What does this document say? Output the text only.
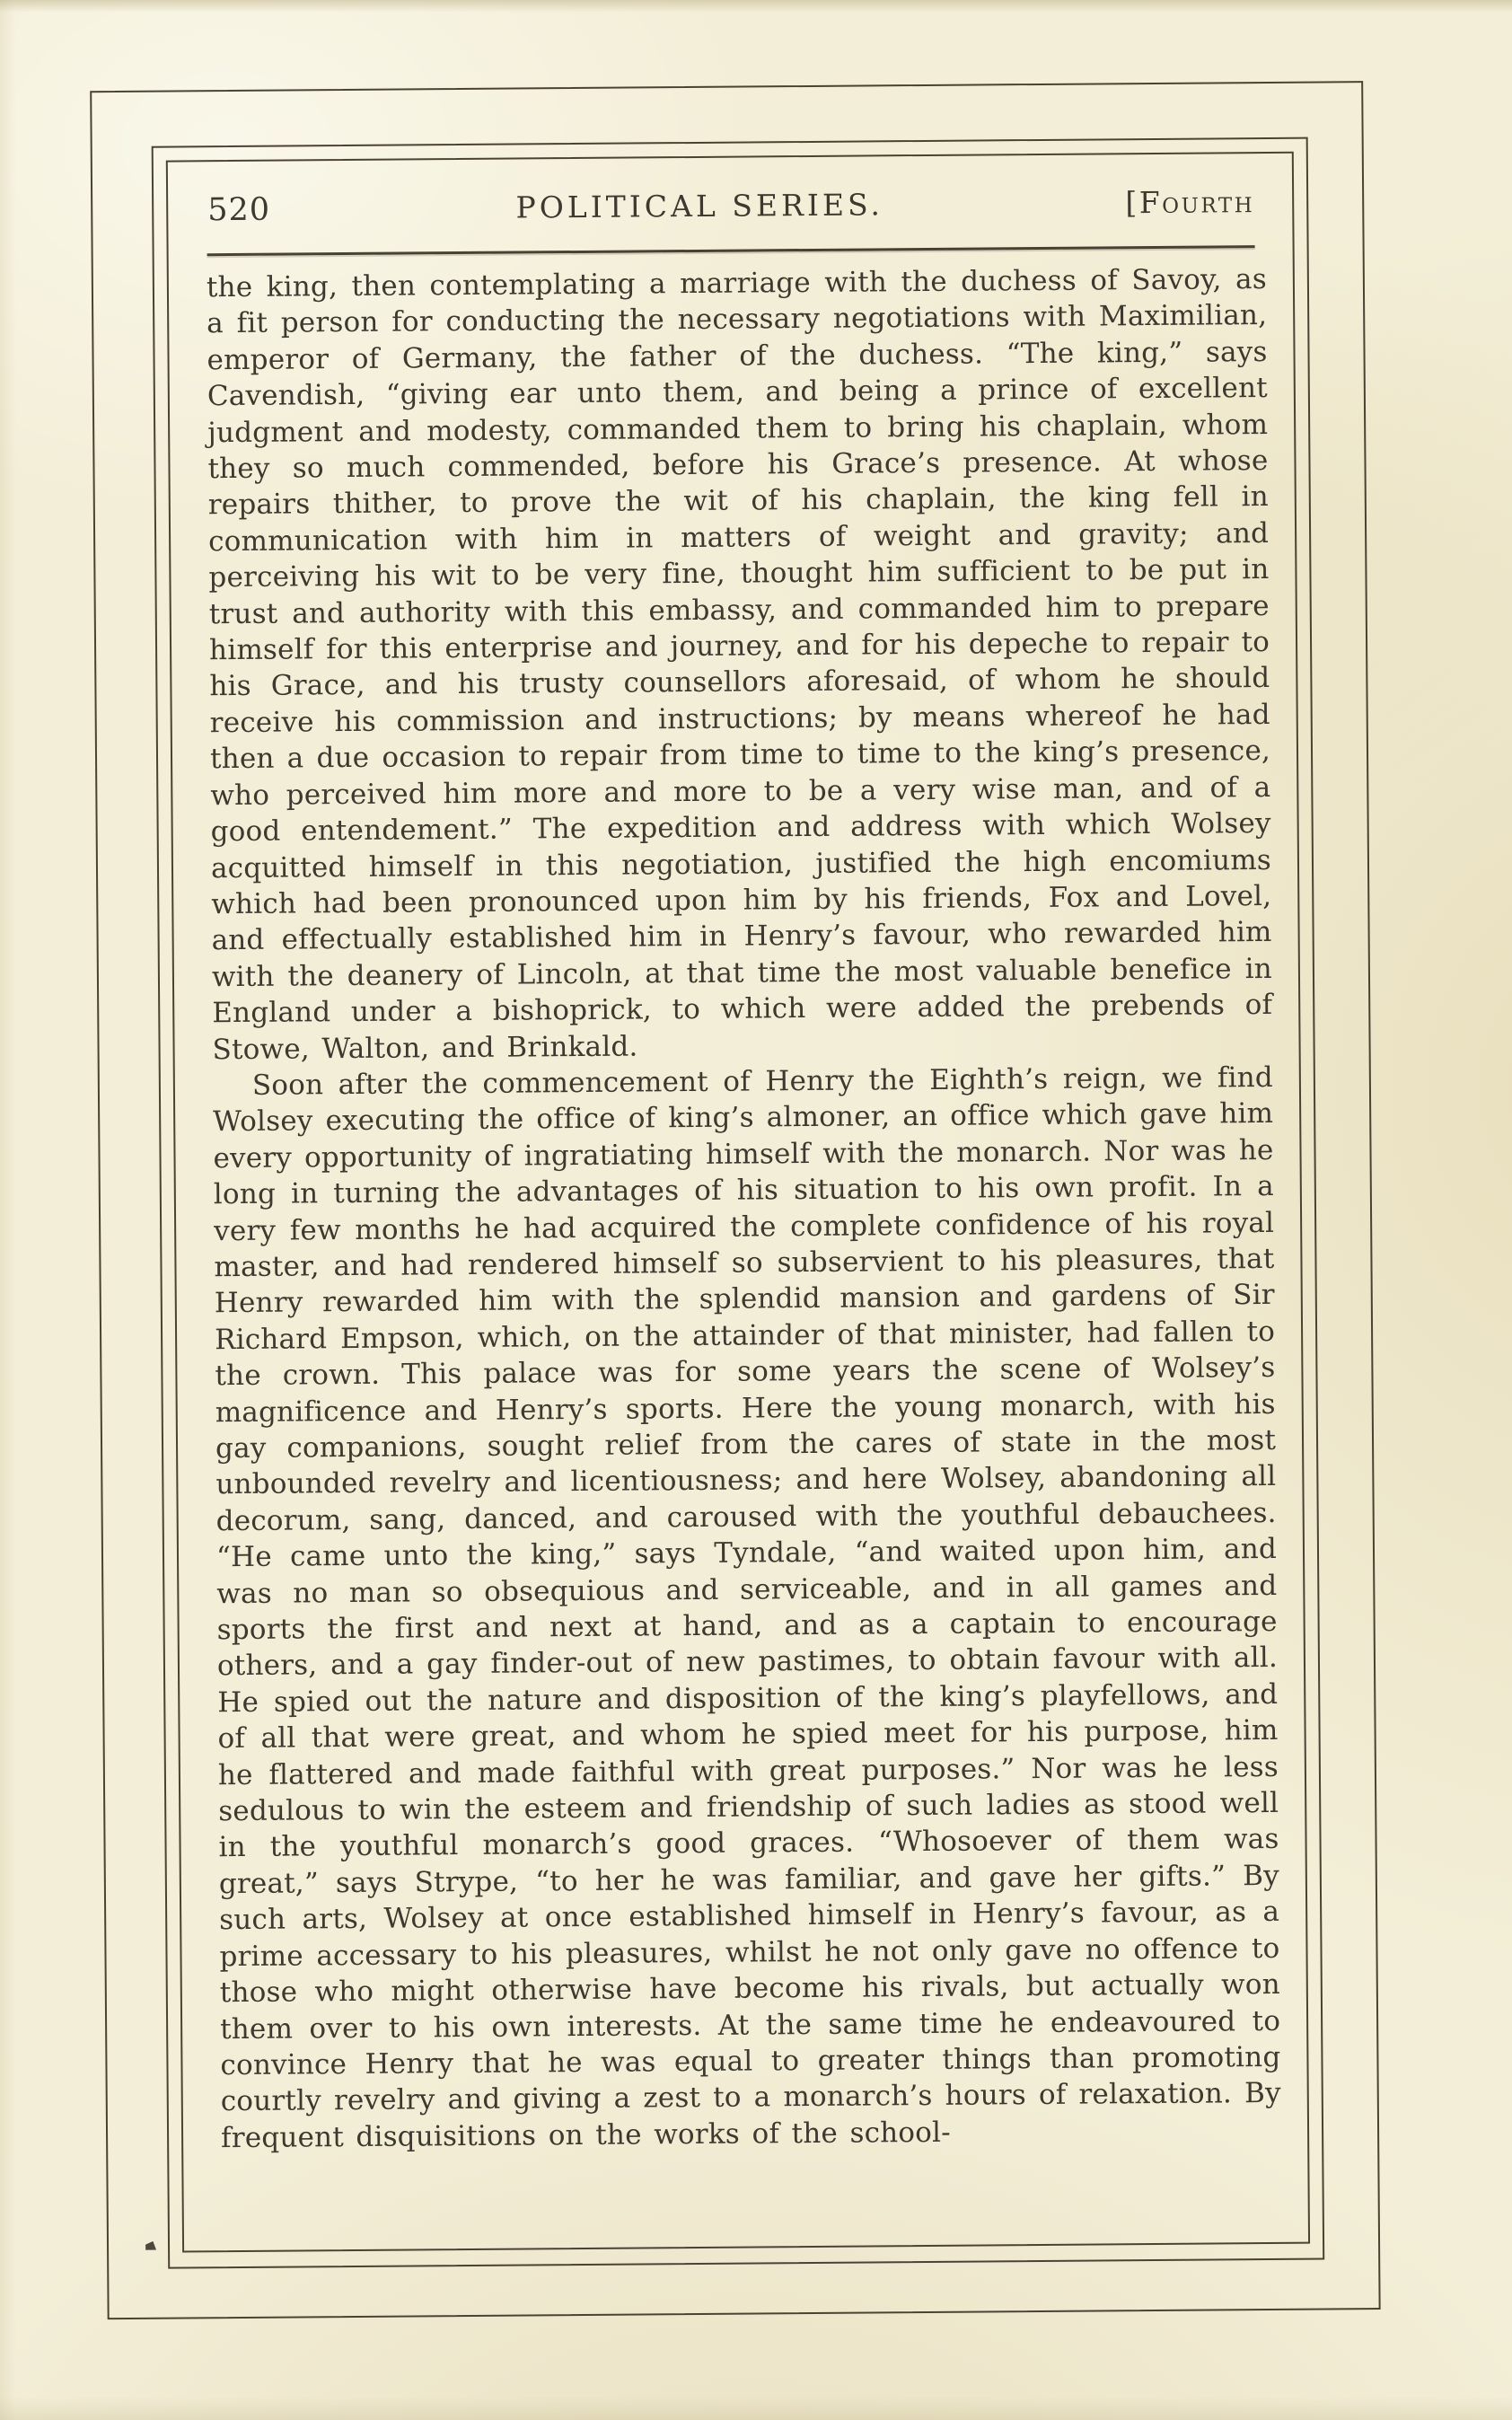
520	POLITICAL SERIES.	[Fourth

the king, then contemplating a marriage with the duchess of Savoy, as a fit person for conducting the necessary negotiations with Maximilian, emperor of Germany, the father of the duchess. “The king,” says Cavendish, “giving ear unto them, and being a prince of excellent judgment and modesty, commanded them to bring his chaplain, whom they so much commended, before his Grace’s presence. At whose repairs thither, to prove the wit of his chaplain, the king fell in communication with him in matters of weight and gravity; and perceiving his wit to be very fine, thought him sufficient to be put in trust and authority with this embassy, and commanded him to prepare himself for this enterprise and journey, and for his depeche to repair to his Grace, and his trusty counsellors aforesaid, of whom he should receive his commission and instructions; by means whereof he had then a due occasion to repair from time to time to the king’s presence, who perceived him more and more to be a very wise man, and of a good entendement.” The expedition and address with which Wolsey acquitted himself in this negotiation, justified the high encomiums which had been pronounced upon him by his friends, Fox and Lovel, and effectually established him in Henry’s favour, who rewarded him with the deanery of Lincoln, at that time the most valuable benefice in England under a bishoprick, to which were added the prebends of Stowe, Walton, and Brinkald.

Soon after the commencement of Henry the Eighth’s reign, we find Wolsey executing the office of king’s almoner, an office which gave him every opportunity of ingratiating himself with the monarch. Nor was he long in turning the advantages of his situation to his own profit. In a very few months he had acquired the complete confidence of his royal master, and had rendered himself so subservient to his pleasures, that Henry rewarded him with the splendid mansion and gardens of Sir Richard Empson, which, on the attainder of that minister, had fallen to the crown. This palace was for some years the scene of Wolsey’s magnificence and Henry’s sports. Here the young monarch, with his gay companions, sought relief from the cares of state in the most unbounded revelry and licentiousness; and here Wolsey, abandoning all decorum, sang, danced, and caroused with the youthful debauchees. “He came unto the king,” says Tyndale, “and waited upon him, and was no man so obsequious and serviceable, and in all games and sports the first and next at hand, and as a captain to encourage others, and a gay finder-out of new pastimes, to obtain favour with all. He spied out the nature and disposition of the king’s playfellows, and of all that were great, and whom he spied meet for his purpose, him he flattered and made faithful with great purposes.” Nor was he less sedulous to win the esteem and friendship of such ladies as stood well in the youthful monarch’s good graces. “Whosoever of them was great,” says Strype, “to her he was familiar, and gave her gifts.” By such arts, Wolsey at once established himself in Henry’s favour, as a prime accessary to his pleasures, whilst he not only gave no offence to those who might otherwise have become his rivals, but actually won them over to his own interests. At the same time he endeavoured to convince Henry that he was equal to greater things than promoting courtly revelry and giving a zest to a monarch’s hours of relaxation. By frequent disquisitions on the works of the school-
